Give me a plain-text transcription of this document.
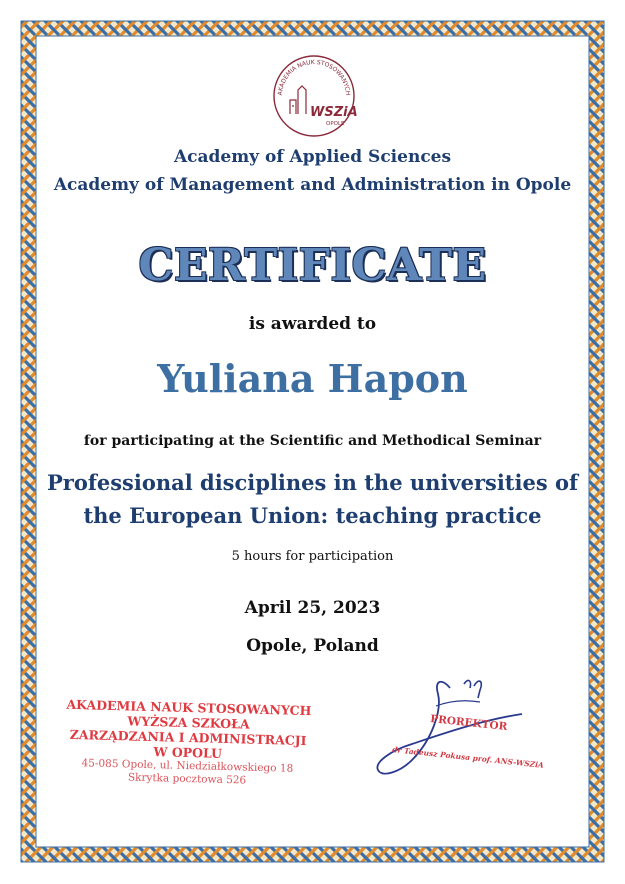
AKADEMIA NAUK STOSOWANYCH
WSZiA
OPOLE
Academy of Applied Sciences
Academy of Management and Administration in Opole
CERTIFICATE
is awarded to
Yuliana Hapon
for participating at the Scientific and Methodical Seminar
Professional disciplines in the universities of
the European Union: teaching practice
5 hours for participation
April 25, 2023
Opole, Poland
AKADEMIA NAUK STOSOWANYCH
WYŻSZA SZKOŁA
ZARZĄDZANIA I ADMINISTRACJI
W OPOLU
45-085 Opole, ul. Niedziałkowskiego 18
Skrytka pocztowa 526
PROREKTOR
dr Tadeusz Pokusa prof. ANS-WSZiA
